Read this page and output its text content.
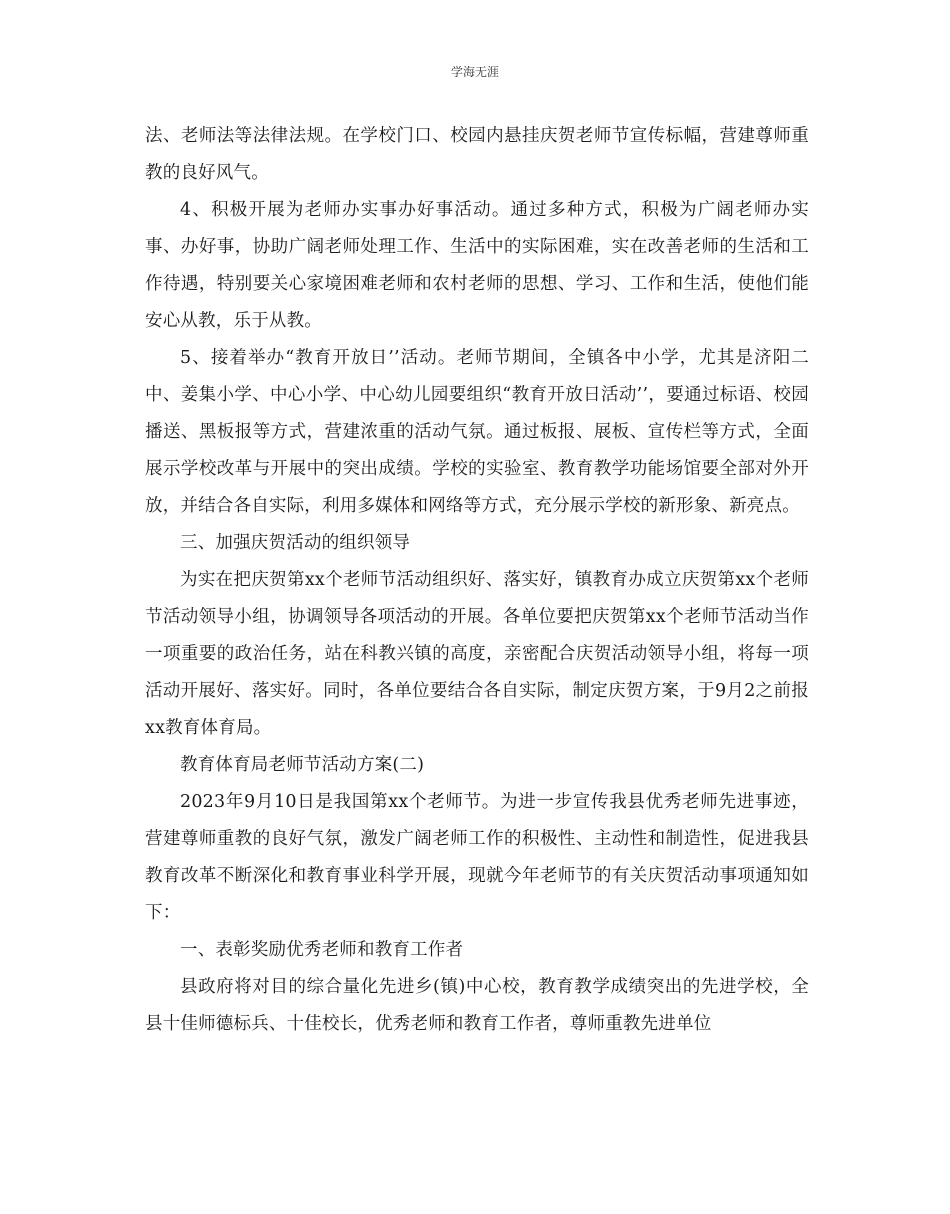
学海无涯

法、老师法等法律法规。在学校门口、校园内悬挂庆贺老师节宣传标幅，营建尊师重教的良好风气。

4、积极开展为老师办实事办好事活动。通过多种方式，积极为广阔老师办实事、办好事，协助广阔老师处理工作、生活中的实际困难，实在改善老师的生活和工作待遇，特别要关心家境困难老师和农村老师的思想、学习、工作和生活，使他们能安心从教，乐于从教。

5、接着举办“教育开放日’’活动。老师节期间，全镇各中小学，尤其是济阳二中、姜集小学、中心小学、中心幼儿园要组织“教育开放日活动’’，要通过标语、校园播送、黑板报等方式，营建浓重的活动气氛。通过板报、展板、宣传栏等方式，全面展示学校改革与开展中的突出成绩。学校的实验室、教育教学功能场馆要全部对外开放，并结合各自实际，利用多媒体和网络等方式，充分展示学校的新形象、新亮点。

三、加强庆贺活动的组织领导

为实在把庆贺第xx个老师节活动组织好、落实好，镇教育办成立庆贺第xx个老师节活动领导小组，协调领导各项活动的开展。各单位要把庆贺第xx个老师节活动当作一项重要的政治任务，站在科教兴镇的高度，亲密配合庆贺活动领导小组，将每一项活动开展好、落实好。同时，各单位要结合各自实际，制定庆贺方案，于9月2之前报xx教育体育局。

教育体育局老师节活动方案(二)

2023年9月10日是我国第xx个老师节。为进一步宣传我县优秀老师先进事迹，营建尊师重教的良好气氛，激发广阔老师工作的积极性、主动性和制造性，促进我县教育改革不断深化和教育事业科学开展，现就今年老师节的有关庆贺活动事项通知如下：

一、表彰奖励优秀老师和教育工作者

县政府将对目的综合量化先进乡(镇)中心校，教育教学成绩突出的先进学校，全县十佳师德标兵、十佳校长，优秀老师和教育工作者，尊师重教先进单位
